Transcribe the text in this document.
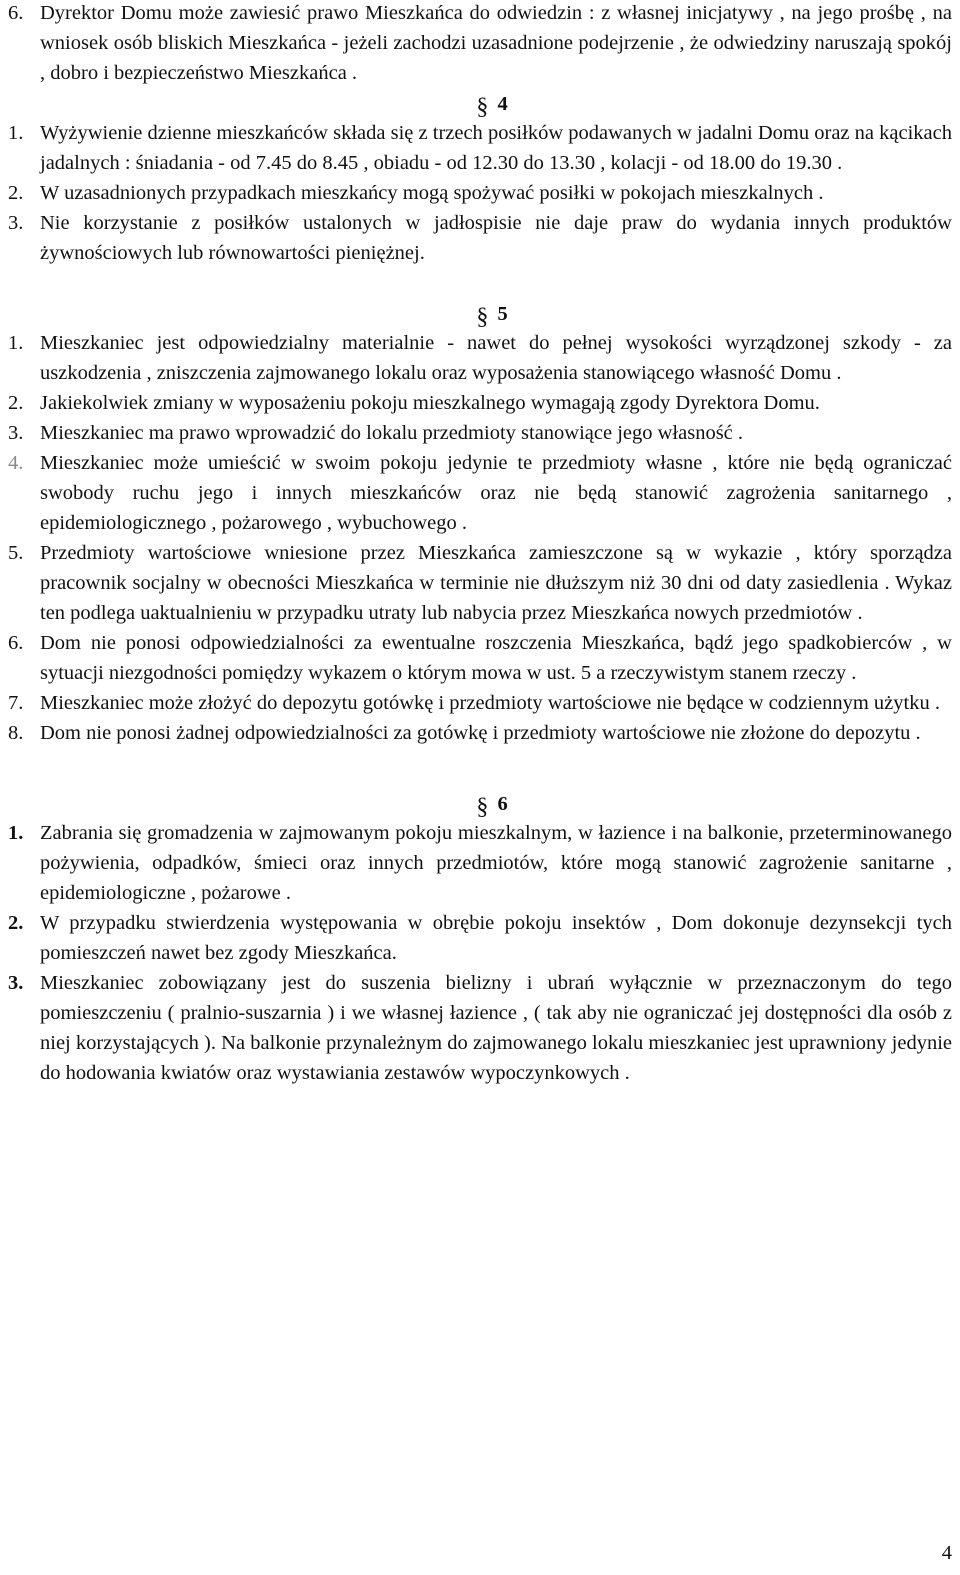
6. Dyrektor Domu może zawiesić prawo Mieszkańca do odwiedzin : z własnej inicjatywy , na jego prośbę , na wniosek osób bliskich Mieszkańca - jeżeli zachodzi uzasadnione podejrzenie , że odwiedziny naruszają spokój , dobro i bezpieczeństwo Mieszkańca .
§ 4
1. Wyżywienie dzienne mieszkańców składa się z trzech posiłków podawanych w jadalni Domu oraz na kącikach jadalnych : śniadania - od 7.45 do 8.45 , obiadu - od 12.30 do 13.30 , kolacji - od 18.00 do 19.30 .
2. W uzasadnionych przypadkach mieszkańcy mogą spożywać posiłki w pokojach mieszkalnych .
3. Nie korzystanie z posiłków ustalonych w jadłospisie nie daje praw do wydania innych produktów żywnościowych lub równowartości pieniężnej.
§ 5
1. Mieszkaniec jest odpowiedzialny materialnie - nawet do pełnej wysokości wyrządzonej szkody - za uszkodzenia , zniszczenia zajmowanego lokalu oraz wyposażenia stanowiącego własność Domu .
2. Jakiekolwiek zmiany w wyposażeniu pokoju mieszkalnego wymagają zgody Dyrektora Domu.
3. Mieszkaniec ma prawo wprowadzić do lokalu przedmioty stanowiące jego własność .
4. Mieszkaniec może umieścić w swoim pokoju jedynie te przedmioty własne , które nie będą ograniczać swobody ruchu jego i innych mieszkańców oraz nie będą stanowić zagrożenia sanitarnego , epidemiologicznego , pożarowego , wybuchowego .
5. Przedmioty wartościowe wniesione przez Mieszkańca zamieszczone są w wykazie , który sporządza pracownik socjalny w obecności Mieszkańca w terminie nie dłuższym niż 30 dni od daty zasiedlenia . Wykaz ten podlega uaktualnieniu w przypadku utraty lub nabycia przez Mieszkańca nowych przedmiotów .
6. Dom nie ponosi odpowiedzialności za ewentualne roszczenia Mieszkańca, bądź jego spadkobierców , w sytuacji niezgodności pomiędzy wykazem o którym mowa w ust. 5 a rzeczywistym stanem rzeczy .
7. Mieszkaniec może złożyć do depozytu gotówkę i przedmioty wartościowe nie będące w codziennym użytku .
8. Dom nie ponosi żadnej odpowiedzialności za gotówkę i przedmioty wartościowe nie złożone do depozytu .
§ 6
1. Zabrania się gromadzenia w zajmowanym pokoju mieszkalnym, w łazience i na balkonie, przeterminowanego pożywienia, odpadków, śmieci oraz innych przedmiotów, które mogą stanowić zagrożenie sanitarne , epidemiologiczne , pożarowe .
2. W przypadku stwierdzenia występowania w obrębie pokoju insektów , Dom dokonuje dezynsekcji tych pomieszczeń nawet bez zgody Mieszkańca.
3. Mieszkaniec zobowiązany jest do suszenia bielizny i ubrań wyłącznie w przeznaczonym do tego pomieszczeniu ( pralnio-suszarnia ) i we własnej łazience , ( tak aby nie ograniczać jej dostępności dla osób z niej korzystających ). Na balkonie przynależnym do zajmowanego lokalu mieszkaniec jest uprawniony jedynie do hodowania kwiatów oraz wystawiania zestawów wypoczynkowych .
4
